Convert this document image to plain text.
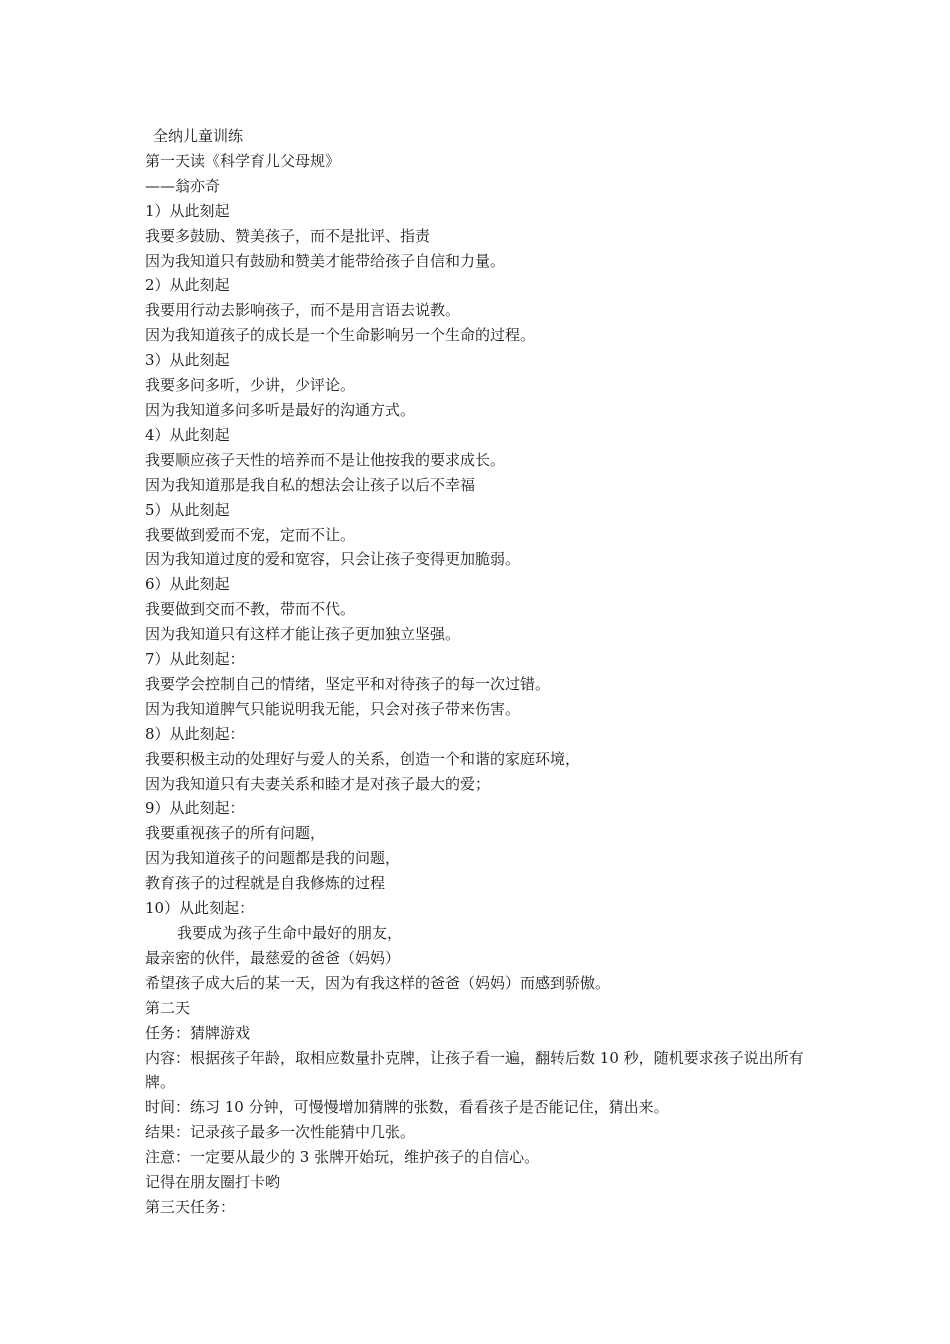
全纳儿童训练
第一天读《科学育儿父母规》
——翁亦奇
1）从此刻起
我要多鼓励、赞美孩子，而不是批评、指责
因为我知道只有鼓励和赞美才能带给孩子自信和力量。
2）从此刻起
我要用行动去影响孩子，而不是用言语去说教。
因为我知道孩子的成长是一个生命影响另一个生命的过程。
3）从此刻起
我要多问多听，少讲，少评论。
因为我知道多问多听是最好的沟通方式。
4）从此刻起
我要顺应孩子天性的培养而不是让他按我的要求成长。
因为我知道那是我自私的想法会让孩子以后不幸福
5）从此刻起
我要做到爱而不宠，定而不让。
因为我知道过度的爱和宽容，只会让孩子变得更加脆弱。
6）从此刻起
我要做到交而不教，带而不代。
因为我知道只有这样才能让孩子更加独立坚强。
7）从此刻起：
我要学会控制自己的情绪，坚定平和对待孩子的每一次过错。
因为我知道脾气只能说明我无能，只会对孩子带来伤害。
8）从此刻起：
我要积极主动的处理好与爱人的关系，创造一个和谐的家庭环境，
因为我知道只有夫妻关系和睦才是对孩子最大的爱；
9）从此刻起：
我要重视孩子的所有问题，
因为我知道孩子的问题都是我的问题，
教育孩子的过程就是自我修炼的过程
10）从此刻起：
我要成为孩子生命中最好的朋友，
最亲密的伙伴，最慈爱的爸爸（妈妈）
希望孩子成大后的某一天，因为有我这样的爸爸（妈妈）而感到骄傲。
第二天
任务：猜牌游戏
内容：根据孩子年龄，取相应数量扑克牌，让孩子看一遍，翻转后数 10 秒，随机要求孩子说出所有牌。
时间：练习 10 分钟，可慢慢增加猜牌的张数，看看孩子是否能记住，猜出来。
结果：记录孩子最多一次性能猜中几张。
注意：一定要从最少的 3 张牌开始玩，维护孩子的自信心。
记得在朋友圈打卡哟
第三天任务：
